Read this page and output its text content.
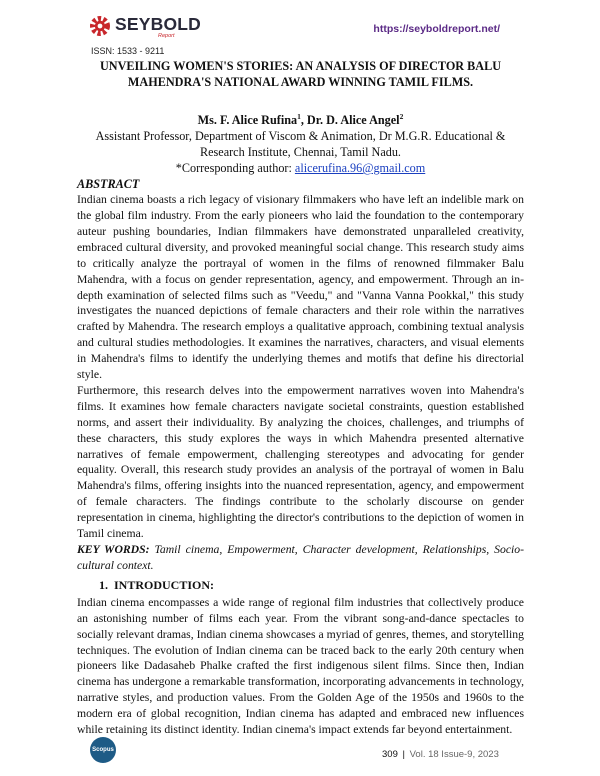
SEYBOLD
Report
ISSN: 1533 - 9211
https://seyboldreport.net/

UNVEILING WOMEN'S STORIES: AN ANALYSIS OF DIRECTOR BALU MAHENDRA'S NATIONAL AWARD WINNING TAMIL FILMS.

Ms. F. Alice Rufina$^1$, Dr. D. Alice Angel$^2$

Assistant Professor, Department of Viscom & Animation, Dr M.G.R. Educational & Research Institute, Chennai, Tamil Nadu.

*Corresponding author: alicerufina.96@gmail.com

ABSTRACT

Indian cinema boasts a rich legacy of visionary filmmakers who have left an indelible mark on the global film industry. From the early pioneers who laid the foundation to the contemporary auteur pushing boundaries, Indian filmmakers have demonstrated unparalleled creativity, embraced cultural diversity, and provoked meaningful social change. This research study aims to critically analyze the portrayal of women in the films of renowned filmmaker Balu Mahendra, with a focus on gender representation, agency, and empowerment. Through an in-depth examination of selected films such as "Veedu," and "Vanna Vanna Pookkal," this study investigates the nuanced depictions of female characters and their role within the narratives crafted by Mahendra. The research employs a qualitative approach, combining textual analysis and cultural studies methodologies. It examines the narratives, characters, and visual elements in Mahendra's films to identify the underlying themes and motifs that define his directorial style.

Furthermore, this research delves into the empowerment narratives woven into Mahendra's films. It examines how female characters navigate societal constraints, question established norms, and assert their individuality. By analyzing the choices, challenges, and triumphs of these characters, this study explores the ways in which Mahendra presented alternative narratives of female empowerment, challenging stereotypes and advocating for gender equality. Overall, this research study provides an analysis of the portrayal of women in Balu Mahendra's films, offering insights into the nuanced representation, agency, and empowerment of female characters. The findings contribute to the scholarly discourse on gender representation in cinema, highlighting the director's contributions to the depiction of women in Tamil cinema.

KEY WORDS: Tamil cinema, Empowerment, Character development, Relationships, Socio-cultural context.

1.  INTRODUCTION:

Indian cinema encompasses a wide range of regional film industries that collectively produce an astonishing number of films each year. From the vibrant song-and-dance spectacles to socially relevant dramas, Indian cinema showcases a myriad of genres, themes, and storytelling techniques. The evolution of Indian cinema can be traced back to the early 20th century when pioneers like Dadasaheb Phalke crafted the first indigenous silent films. Since then, Indian cinema has undergone a remarkable transformation, incorporating advancements in technology, narrative styles, and production values. From the Golden Age of the 1950s and 1960s to the modern era of global recognition, Indian cinema has adapted and embraced new influences while retaining its distinct identity. Indian cinema's impact extends far beyond entertainment.

Scopus	309 | Vol. 18 Issue-9, 2023
